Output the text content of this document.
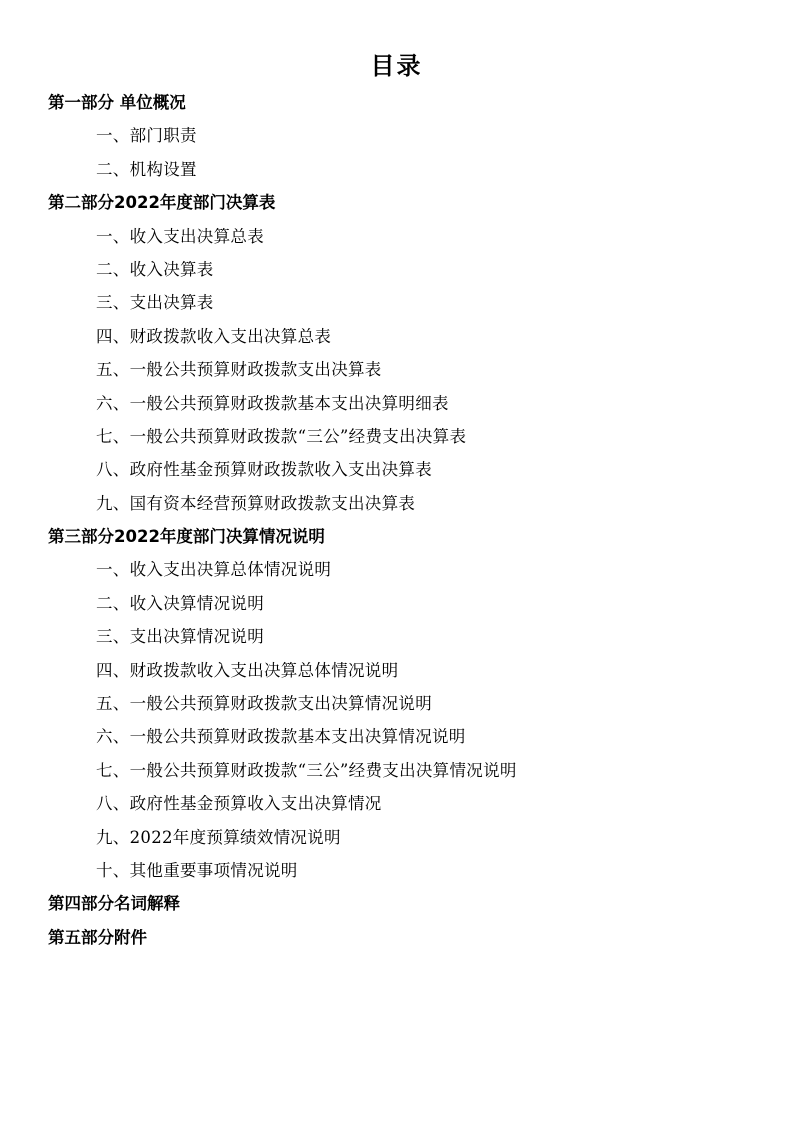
目录
第一部分 单位概况
一、部门职责
二、机构设置
第二部分2022年度部门决算表
一、收入支出决算总表
二、收入决算表
三、支出决算表
四、财政拨款收入支出决算总表
五、一般公共预算财政拨款支出决算表
六、一般公共预算财政拨款基本支出决算明细表
七、一般公共预算财政拨款“三公”经费支出决算表
八、政府性基金预算财政拨款收入支出决算表
九、国有资本经营预算财政拨款支出决算表
第三部分2022年度部门决算情况说明
一、收入支出决算总体情况说明
二、收入决算情况说明
三、支出决算情况说明
四、财政拨款收入支出决算总体情况说明
五、一般公共预算财政拨款支出决算情况说明
六、一般公共预算财政拨款基本支出决算情况说明
七、一般公共预算财政拨款“三公”经费支出决算情况说明
八、政府性基金预算收入支出决算情况
九、2022年度预算绩效情况说明
十、其他重要事项情况说明
第四部分名词解释
第五部分附件
